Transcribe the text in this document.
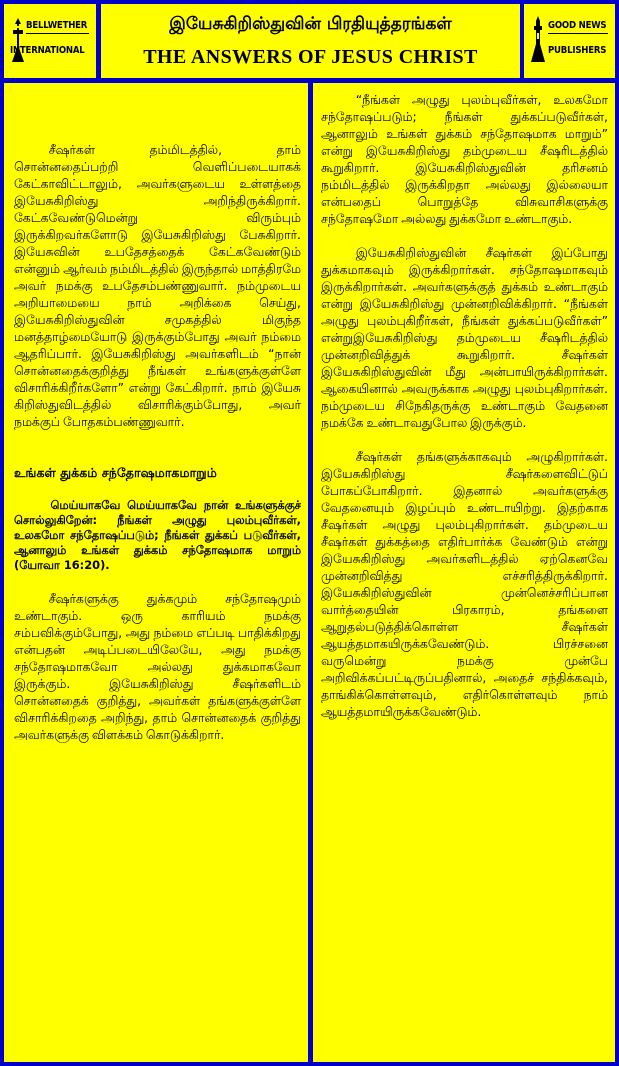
BELLWETHER
INTERNATIONAL
இயேசுகிறிஸ்துவின் பிரதியுத்தரங்கள்
THE ANSWERS OF JESUS CHRIST
GOOD NEWS
PUBLISHERS

சீஷர்கள் தம்மிடத்தில், தாம் சொன்னதைப்பற்றி வெளிப்படையாகக் கேட்காவிட்டாலும், அவர்களுடைய உள்ளத்தை இயேசுகிறிஸ்து அறிந்திருக்கிறார். கேட்கவேண்டுமென்று விரும்பும் இருக்கிறவர்களோடு இயேசுகிறிஸ்து பேசுகிறார். இயேசுவின் உபதேசத்தைக் கேட்கவேண்டும் என்னும் ஆர்வம் நம்மிடத்தில் இருந்தால் மாத்திரமே அவர் நமக்கு உபதேசம்பண்ணுவார். நம்முடைய அறியாமையை நாம் அறிக்கை செய்து, இயேசுகிறிஸ்துவின் சமுகத்தில் மிகுந்த மனத்தாழ்மையோடு இருக்கும்போது அவர் நம்மை ஆதரிப்பார். இயேசுகிறிஸ்து அவர்களிடம் “நான் சொன்னதைக்குறித்து நீங்கள் உங்களுக்குள்ளே விசாரிக்கிறீர்களோ” என்று கேட்கிறார். நாம் இயேசு கிறிஸ்துவிடத்தில் விசாரிக்கும்போது, அவர் நமக்குப் போதகம்பண்ணுவார்.

உங்கள் துக்கம் சந்தோஷமாகமாறும்

மெய்யாகவே மெய்யாகவே நான் உங்களுக்குச் சொல்லுகிறேன்: நீங்கள் அழுது புலம்புவீர்கள், உலகமோ சந்தோஷப்படும்; நீங்கள் துக்கப் படுவீர்கள், ஆனாலும் உங்கள் துக்கம் சந்தோஷமாக மாறும் (யோவா 16:20).

சீஷர்களுக்கு துக்கமும் சந்தோஷமும் உண்டாகும். ஒரு காரியம் நமக்கு சம்பவிக்கும்போது, அது நம்மை எப்படி பாதிக்கிறது என்பதன் அடிப்படையிலேயே, அது நமக்கு சந்தோஷமாகவோ அல்லது துக்கமாகவோ இருக்கும். இயேசுகிறிஸ்து சீஷர்களிடம் சொன்னதைக் குறித்து, அவர்கள் தங்களுக்குள்ளே விசாரிக்கிறதை அறிந்து, தாம் சொன்னதைக் குறித்து அவர்களுக்கு விளக்கம் கொடுக்கிறார்.

“நீங்கள் அழுது புலம்புவீர்கள், உலகமோ சந்தோஷப்படும்; நீங்கள் துக்கப்படுவீர்கள், ஆனாலும் உங்கள் துக்கம் சந்தோஷமாக மாறும்” என்று இயேசுகிறிஸ்து தம்முடைய சீஷரிடத்தில் கூறுகிறார். இயேசுகிறிஸ்துவின் தரிசனம் நம்மிடத்தில் இருக்கிறதா அல்லது இல்லையா என்பதைப் பொறுத்தே விசுவாசிகளுக்கு சந்தோஷமோ அல்லது துக்கமோ உண்டாகும்.

இயேசுகிறிஸ்துவின் சீஷர்கள் இப்போது துக்கமாகவும் இருக்கிறார்கள். சந்தோஷமாகவும் இருக்கிறார்கள். அவர்களுக்குத் துக்கம் உண்டாகும் என்று இயேசுகிறிஸ்து முன்னறிவிக்கிறார். “நீங்கள் அழுது புலம்புகிறீர்கள், நீங்கள் துக்கப்படுவீர்கள்” என்றுஇயேசுகிறிஸ்து தம்முடைய சீஷரிடத்தில் முன்னறிவித்துக் கூறுகிறார். சீஷர்கள் இயேசுகிறிஸ்துவின் மீது அன்பாயிருக்கிறார்கள். ஆகையினால் அவருக்காக அழுது புலம்புகிறார்கள். நம்முடைய சிநேகிதருக்கு உண்டாகும் வேதனை நமக்கே உண்டாவதுபோல இருக்கும்.

சீஷர்கள் தங்களுக்காகவும் அழுகிறார்கள். இயேசுகிறிஸ்து சீஷர்களைவிட்டுப் போகப்போகிறார். இதனால் அவர்களுக்கு வேதனையும் இழப்பும் உண்டாயிற்று. இதற்காக சீஷர்கள் அழுது புலம்புகிறார்கள். தம்முடைய சீஷர்கள் துக்கத்தை எதிர்பார்க்க வேண்டும் என்று இயேசுகிறிஸ்து அவர்களிடத்தில் ஏற்கெனவே முன்னறிவித்து எச்சரித்திருக்கிறார். இயேசுகிறிஸ்துவின் முன்னெச்சரிப்பான வார்த்தையின் பிரகாரம், தங்களை ஆறுதல்படுத்திக்கொள்ள சீஷர்கள் ஆயத்தமாகயிருக்கவேண்டும். பிரச்சனை வருமென்று நமக்கு முன்பே அறிவிக்கப்பட்டிருப்பதினால், அதைச் சந்திக்கவும், தாங்கிக்கொள்ளவும், எதிர்கொள்ளவும் நாம் ஆயத்தமாயிருக்கவேண்டும்.
